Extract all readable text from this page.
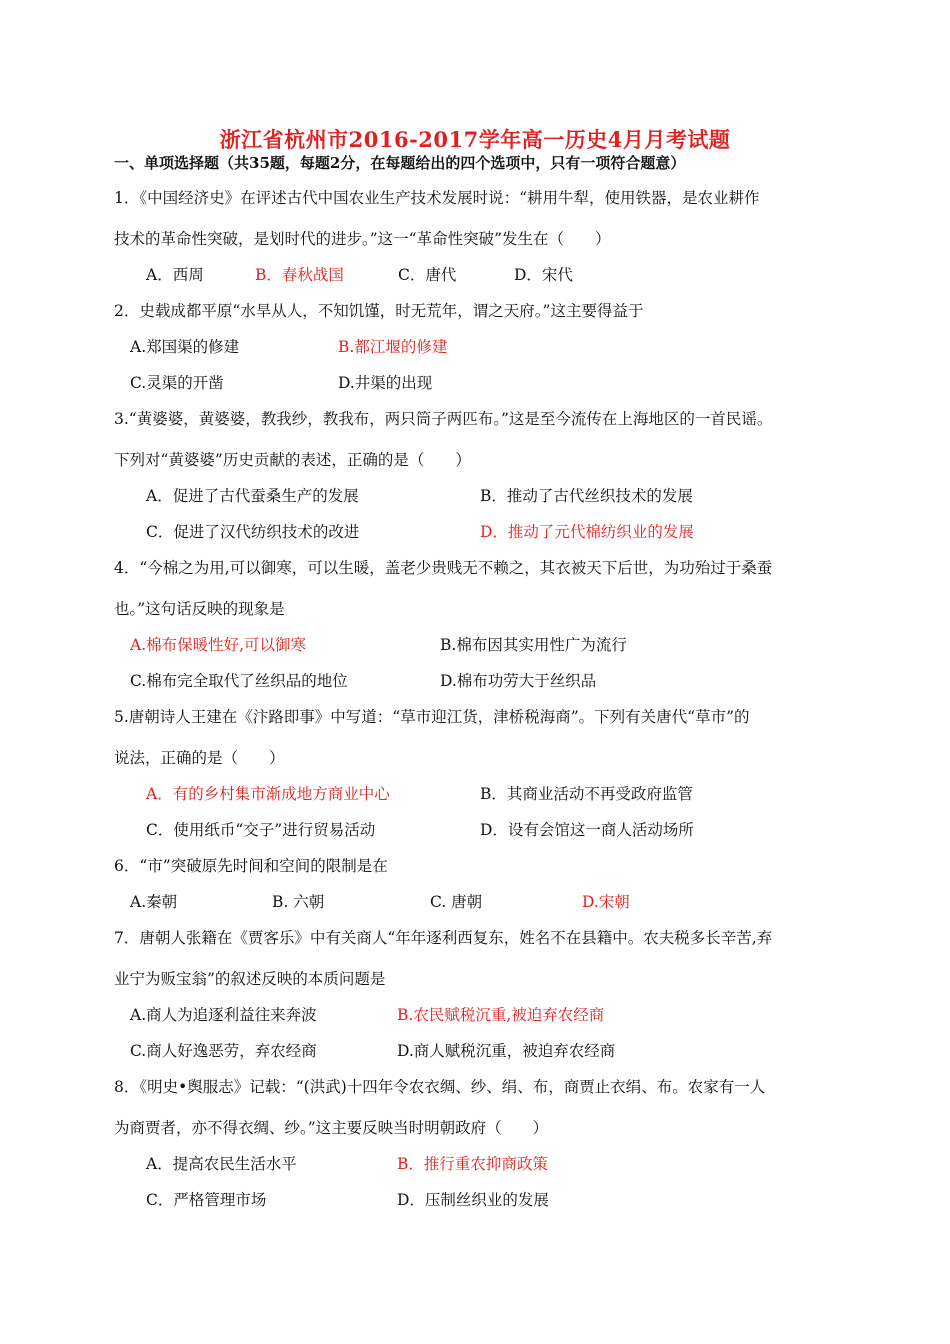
浙江省杭州市2016-2017学年高一历史4月月考试题
一、单项选择题（共35题，每题2分，在每题给出的四个选项中，只有一项符合题意）
1．《中国经济史》在评述古代中国农业生产技术发展时说：“耕用牛犁，使用铁器，是农业耕作
技术的革命性突破，是划时代的进步。”这一“革命性突破”发生在（　　）
A．西周	B．春秋战国	C．唐代	D．宋代
2．史载成都平原“水旱从人，不知饥馑，时无荒年，谓之天府。”这主要得益于
A.郑国渠的修建	B.都江堰的修建
C.灵渠的开凿	D.井渠的出现
3.“黄婆婆，黄婆婆，教我纱，教我布，两只筒子两匹布。”这是至今流传在上海地区的一首民谣。
下列对“黄婆婆”历史贡献的表述，正确的是（　　）
A．促进了古代蚕桑生产的发展	B．推动了古代丝织技术的发展
C．促进了汉代纺织技术的改进	D．推动了元代棉纺织业的发展
4．“今棉之为用,可以御寒，可以生暖，盖老少贵贱无不赖之，其衣被天下后世，为功殆过于桑蚕
也。”这句话反映的现象是
A.棉布保暖性好,可以御寒	B.棉布因其实用性广为流行
C.棉布完全取代了丝织品的地位	D.棉布功劳大于丝织品
5.唐朝诗人王建在《汴路即事》中写道：“草市迎江货，津桥税海商”。下列有关唐代“草市”的
说法，正确的是（　　）
A．有的乡村集市渐成地方商业中心	B．其商业活动不再受政府监管
C．使用纸币“交子”进行贸易活动	D．设有会馆这一商人活动场所
6．“市”突破原先时间和空间的限制是在
A.秦朝	B. 六朝	C. 唐朝	D.宋朝
7．唐朝人张籍在《贾客乐》中有关商人“年年逐利西复东，姓名不在县籍中。农夫税多长辛苦,弃
业宁为贩宝翁”的叙述反映的本质问题是
A.商人为追逐利益往来奔波	B.农民赋税沉重,被迫弃农经商
C.商人好逸恶劳，弃农经商	D.商人赋税沉重，被迫弃农经商
8．《明史•舆服志》记载：“(洪武)十四年令农衣绸、纱、绢、布，商贾止衣绢、布。农家有一人
为商贾者，亦不得衣绸、纱。”这主要反映当时明朝政府（　　）
A．提高农民生活水平	B．推行重农抑商政策
C．严格管理市场	D．压制丝织业的发展
